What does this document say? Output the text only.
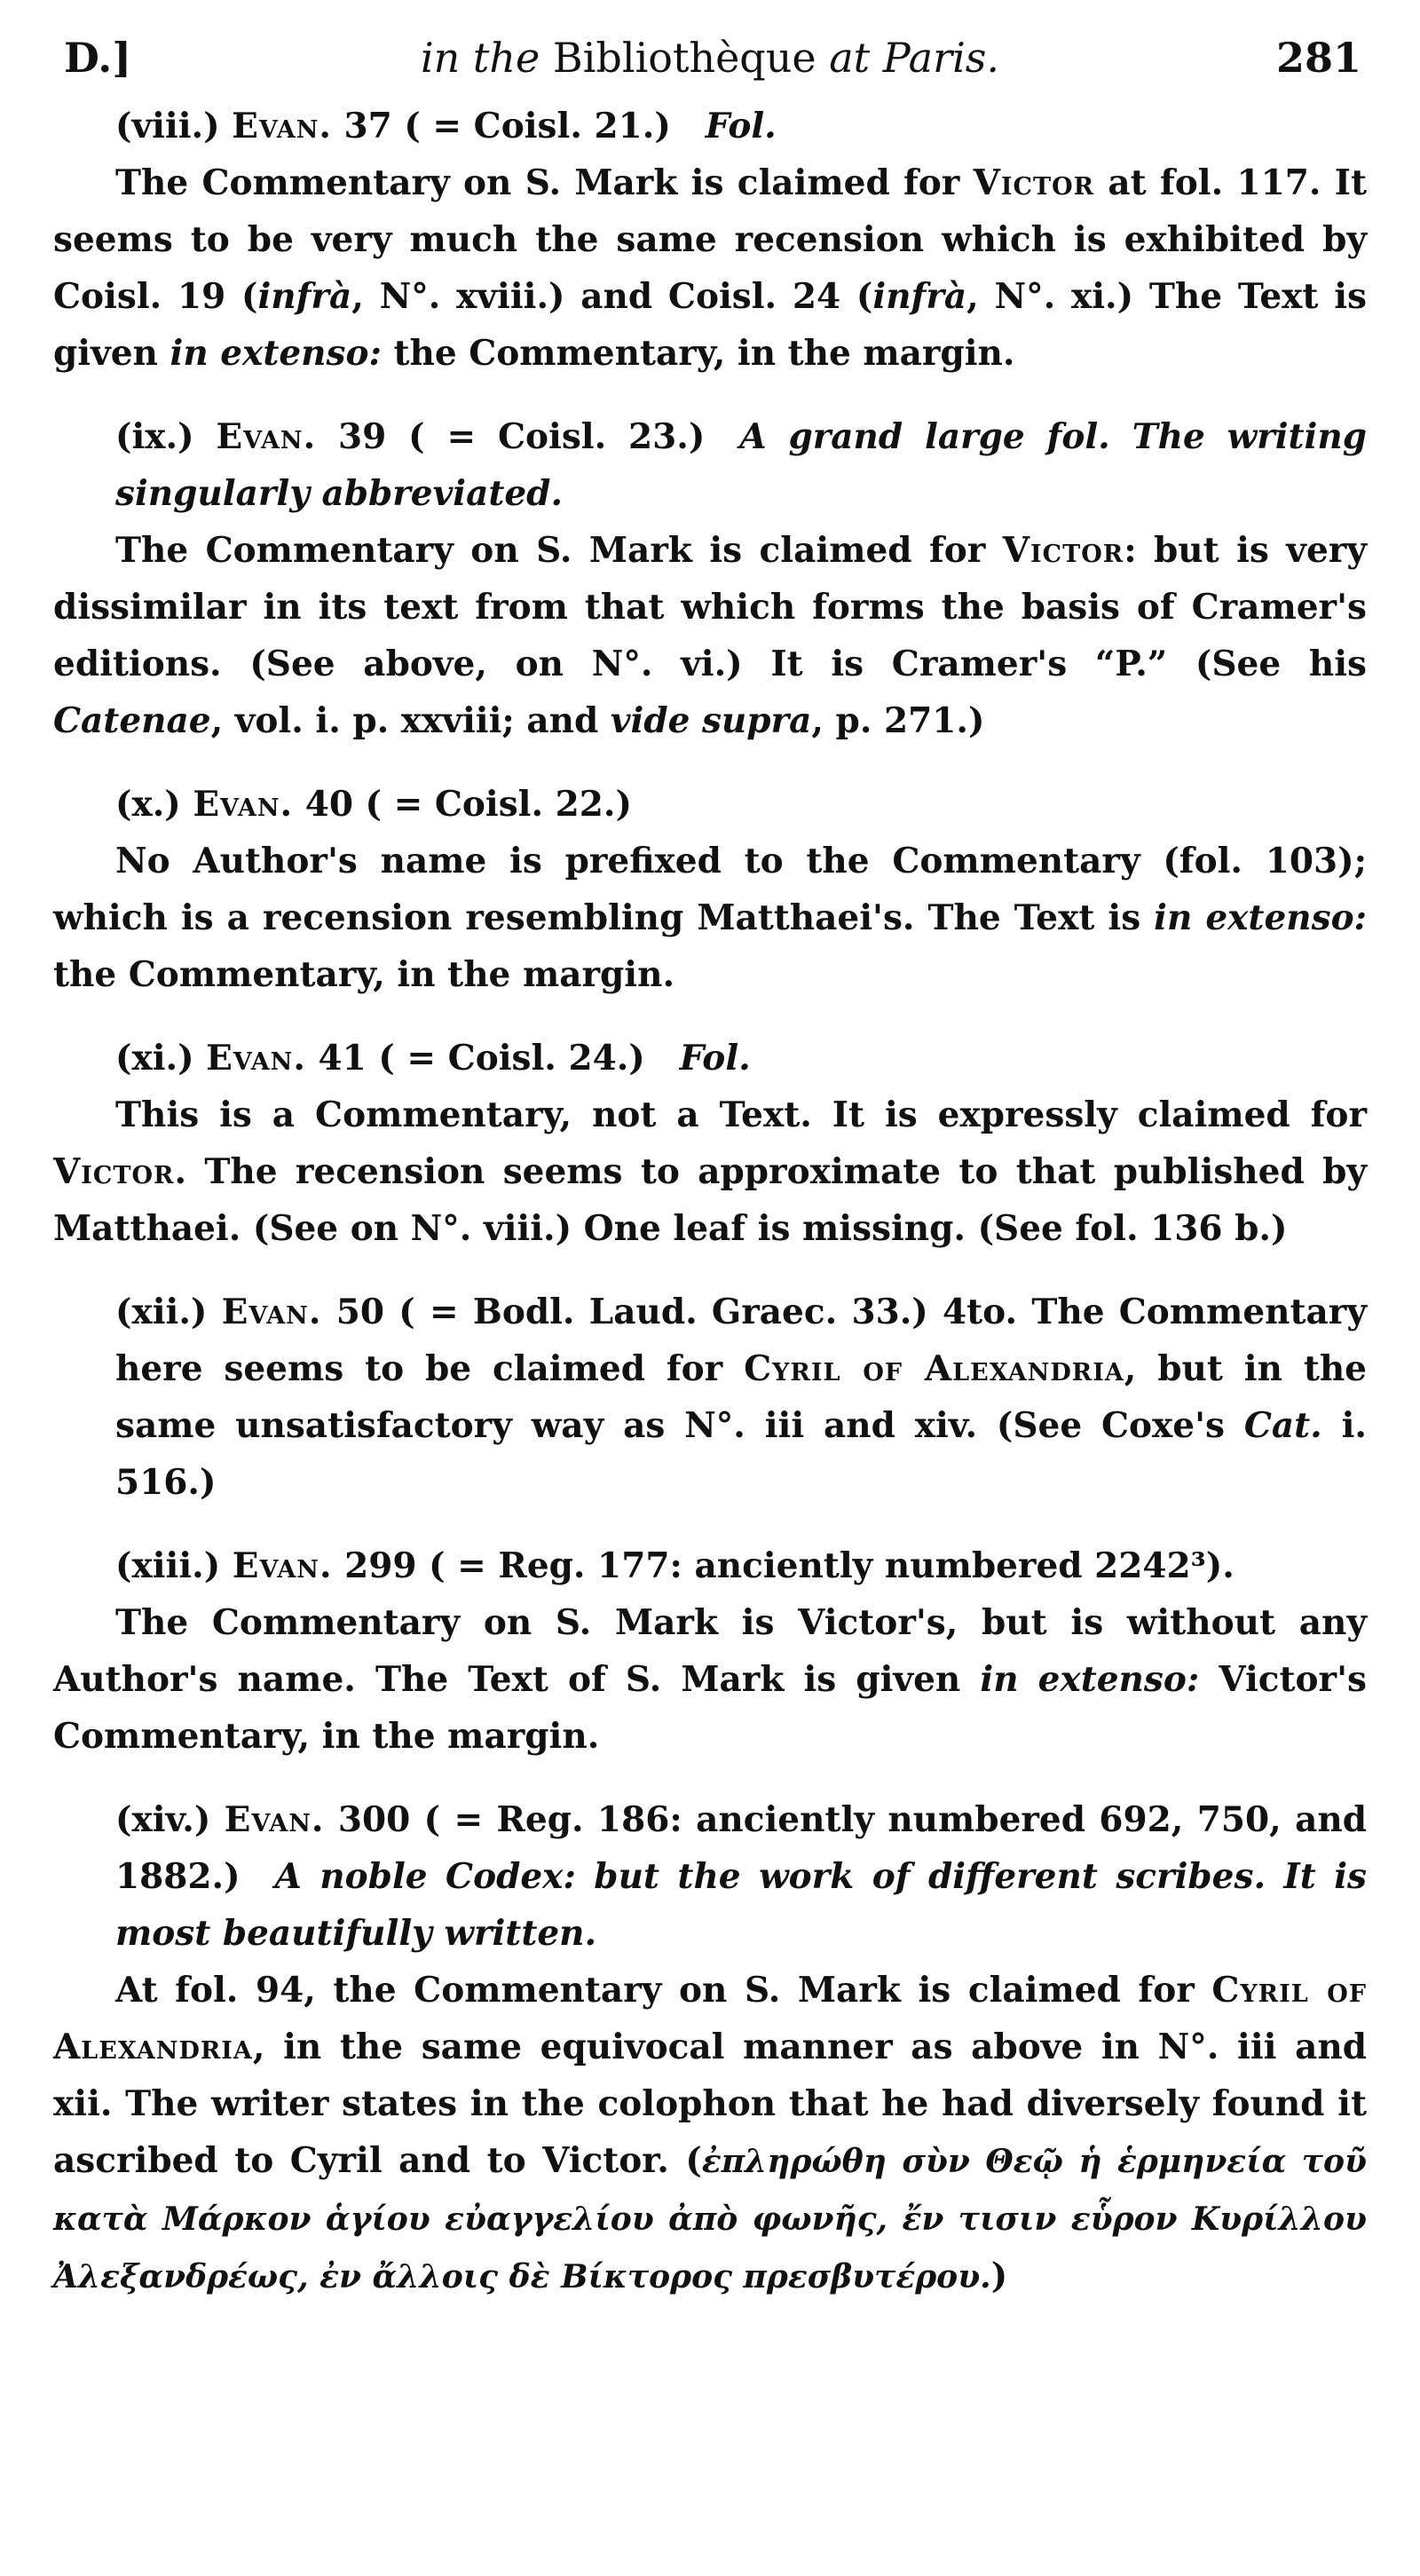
D.]	in the Bibliothèque at Paris.	281

(viii.) Evan. 37 ( = Coisl. 21.)  Fol.

The Commentary on S. Mark is claimed for Victor at fol. 117. It seems to be very much the same recension which is exhibited by Coisl. 19 (infrà, N°. xviii.) and Coisl. 24 (infrà, N°. xi.) The Text is given in extenso: the Commentary, in the margin.

(ix.) Evan. 39 ( = Coisl. 23.)  A grand large fol. The writing singularly abbreviated.

The Commentary on S. Mark is claimed for Victor: but is very dissimilar in its text from that which forms the basis of Cramer's editions. (See above, on N°. vi.) It is Cramer's “P.” (See his Catenae, vol. i. p. xxviii; and vide supra, p. 271.)

(x.) Evan. 40 ( = Coisl. 22.)

No Author's name is prefixed to the Commentary (fol. 103); which is a recension resembling Matthaei's. The Text is in extenso: the Commentary, in the margin.

(xi.) Evan. 41 ( = Coisl. 24.)  Fol.

This is a Commentary, not a Text. It is expressly claimed for Victor. The recension seems to approximate to that published by Matthaei. (See on N°. viii.) One leaf is missing. (See fol. 136 b.)

(xii.) Evan. 50 ( = Bodl. Laud. Graec. 33.) 4to. The Commentary here seems to be claimed for Cyril of Alexandria, but in the same unsatisfactory way as N°. iii and xiv. (See Coxe's Cat. i. 516.)

(xiii.) Evan. 299 ( = Reg. 177: anciently numbered 2242³).

The Commentary on S. Mark is Victor's, but is without any Author's name. The Text of S. Mark is given in extenso: Victor's Commentary, in the margin.

(xiv.) Evan. 300 ( = Reg. 186: anciently numbered 692, 750, and 1882.)  A noble Codex: but the work of different scribes. It is most beautifully written.

At fol. 94, the Commentary on S. Mark is claimed for Cyril of Alexandria, in the same equivocal manner as above in N°. iii and xii. The writer states in the colophon that he had diversely found it ascribed to Cyril and to Victor. (ἐπληρώθη σὺν Θεῷ ἡ ἑρμηνεία τοῦ κατὰ Μάρκον ἁγίου εὐαγγελίου ἀπὸ φωνῆς, ἔν τισιν εὗρον Κυρίλλου Ἀλεξανδρέως, ἐν ἄλλοις δὲ Βίκτορος πρεσβυτέρου.)
